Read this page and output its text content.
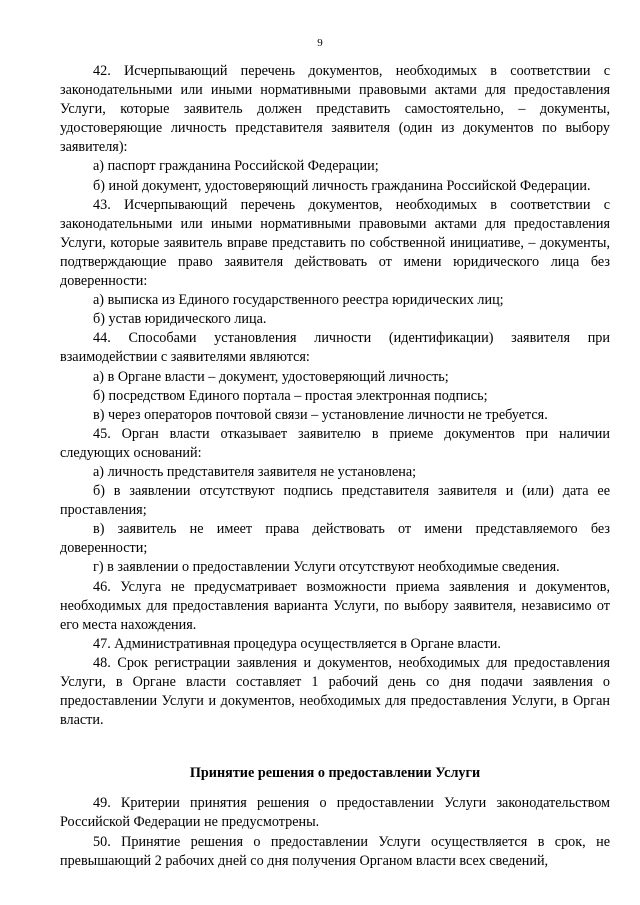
9

42. Исчерпывающий перечень документов, необходимых в соответствии с законодательными или иными нормативными правовыми актами для предоставления Услуги, которые заявитель должен представить самостоятельно, – документы, удостоверяющие личность представителя заявителя (один из документов по выбору заявителя):

а) паспорт гражданина Российской Федерации;

б) иной документ, удостоверяющий личность гражданина Российской Федерации.

43. Исчерпывающий перечень документов, необходимых в соответствии с законодательными или иными нормативными правовыми актами для предоставления Услуги, которые заявитель вправе представить по собственной инициативе, – документы, подтверждающие право заявителя действовать от имени юридического лица без доверенности:

а) выписка из Единого государственного реестра юридических лиц;

б) устав юридического лица.

44. Способами установления личности (идентификации) заявителя при взаимодействии с заявителями являются:

а) в Органе власти – документ, удостоверяющий личность;

б) посредством Единого портала – простая электронная подпись;

в) через операторов почтовой связи – установление личности не требуется.

45. Орган власти отказывает заявителю в приеме документов при наличии следующих оснований:

а) личность представителя заявителя не установлена;

б) в заявлении отсутствуют подпись представителя заявителя и (или) дата ее проставления;

в) заявитель не имеет права действовать от имени представляемого без доверенности;

г) в заявлении о предоставлении Услуги отсутствуют необходимые сведения.

46. Услуга не предусматривает возможности приема заявления и документов, необходимых для предоставления варианта Услуги, по выбору заявителя, независимо от его места нахождения.

47. Административная процедура осуществляется в Органе власти.

48. Срок регистрации заявления и документов, необходимых для предоставления Услуги, в Органе власти составляет 1 рабочий день со дня подачи заявления о предоставлении Услуги и документов, необходимых для предоставления Услуги, в Орган власти.

Принятие решения о предоставлении Услуги

49. Критерии принятия решения о предоставлении Услуги законодательством Российской Федерации не предусмотрены.

50. Принятие решения о предоставлении Услуги осуществляется в срок, не превышающий 2 рабочих дней со дня получения Органом власти всех сведений,
